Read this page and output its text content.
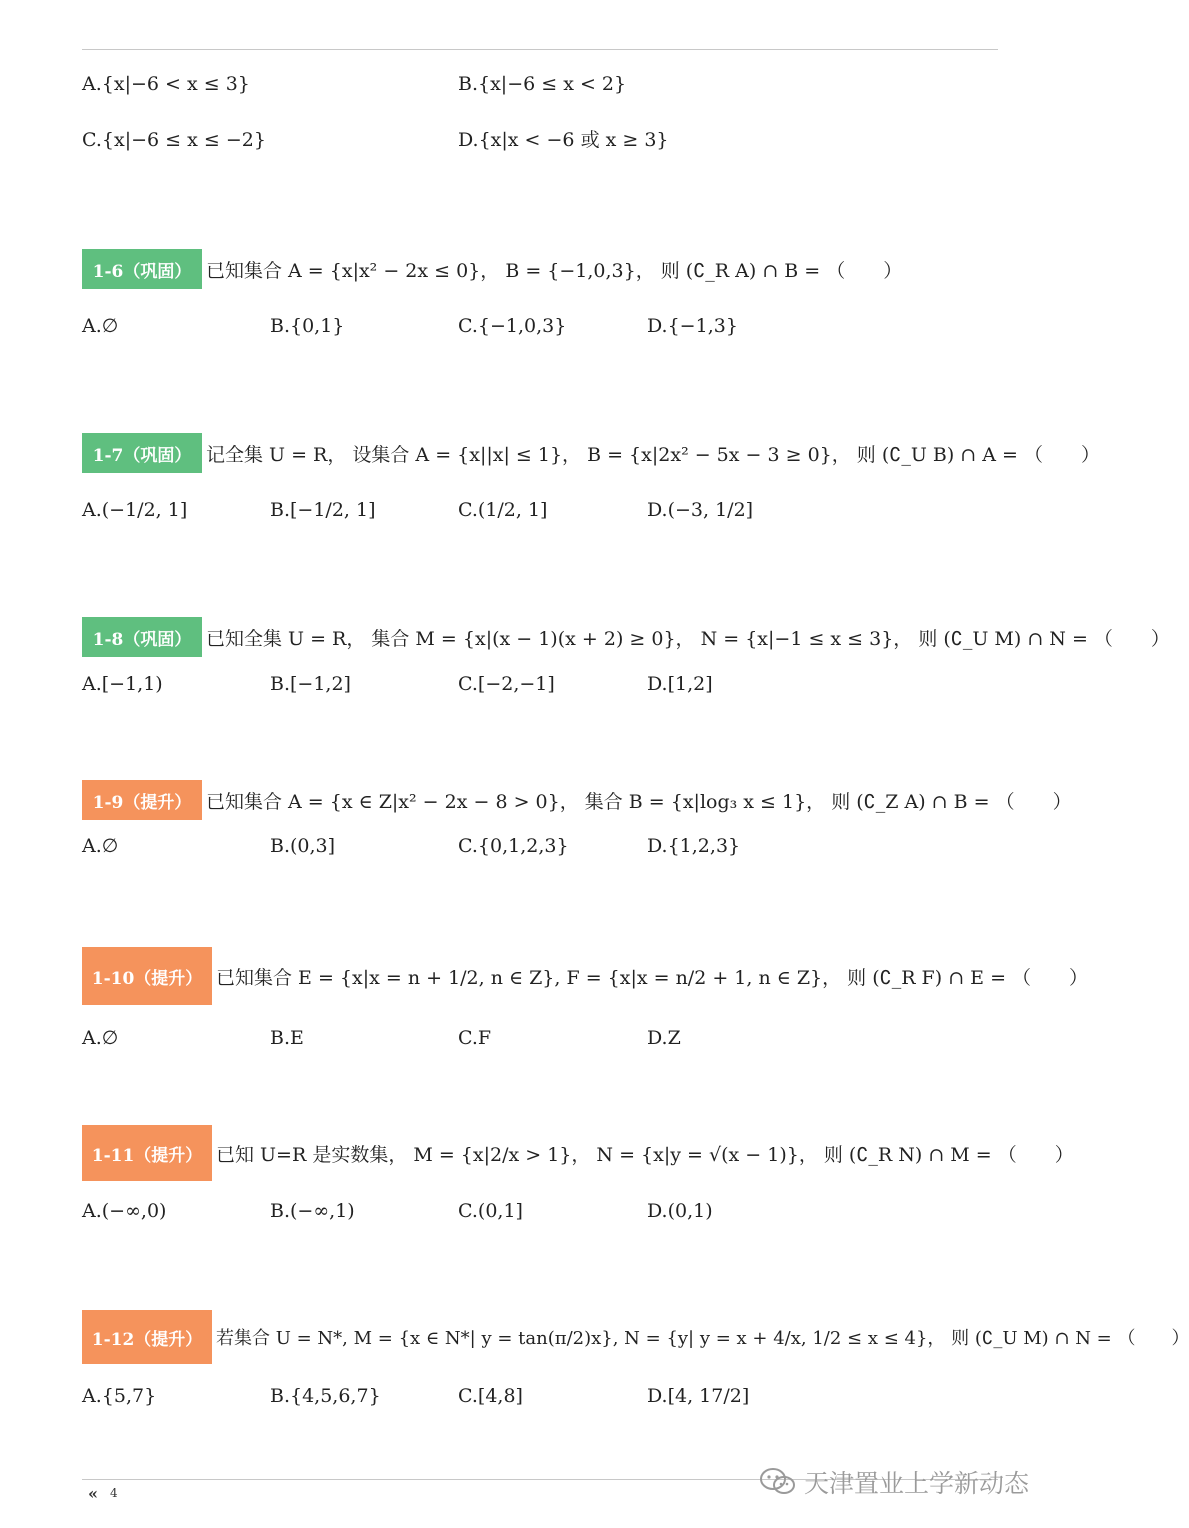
A.{x|−6 < x ≤ 3}	B.{x|−6 ≤ x < 2}
C.{x|−6 ≤ x ≤ −2}	D.{x|x < −6 或 x ≥ 3}
1-6（巩固） 已知集合 A = {x|x² − 2x ≤ 0}， B = {−1,0,3}， 则 (∁_R A) ∩ B = （　　）
A.∅	B.{0,1}	C.{−1,0,3}	D.{−1,3}
1-7（巩固） 记全集 U = R， 设集合 A = {x||x| ≤ 1}， B = {x|2x² − 5x − 3 ≥ 0}， 则 (∁_U B) ∩ A = （　　）
A.(−1/2, 1]	B.[−1/2, 1]	C.(1/2, 1]	D.(−3, 1/2]
1-8（巩固） 已知全集 U = R， 集合 M = {x|(x − 1)(x + 2) ≥ 0}， N = {x|−1 ≤ x ≤ 3}， 则 (∁_U M) ∩ N = （　　）
A.[−1,1)	B.[−1,2]	C.[−2,−1]	D.[1,2]
1-9（提升） 已知集合 A = {x ∈ Z|x² − 2x − 8 > 0}， 集合 B = {x|log₃ x ≤ 1}， 则 (∁_Z A) ∩ B = （　　）
A.∅	B.(0,3]	C.{0,1,2,3}	D.{1,2,3}
1-10（提升） 已知集合 E = {x|x = n + 1/2, n ∈ Z}, F = {x|x = n/2 + 1, n ∈ Z}， 则 (∁_R F) ∩ E = （　　）
A.∅	B.E	C.F	D.Z
1-11（提升） 已知 U=R 是实数集， M = {x|2/x > 1}， N = {x|y = √(x − 1)}， 则 (∁_R N) ∩ M = （　　）
A.(−∞,0)	B.(−∞,1)	C.(0,1]	D.(0,1)
1-12（提升） 若集合 U = N*, M = {x ∈ N*| y = tan(π/2)x}, N = {y| y = x + 4/x, 1/2 ≤ x ≤ 4}， 则 (∁_U M) ∩ N = （　　）
A.{5,7}	B.{4,5,6,7}	C.[4,8]	D.[4, 17/2]
« 4	天津置业上学新动态
